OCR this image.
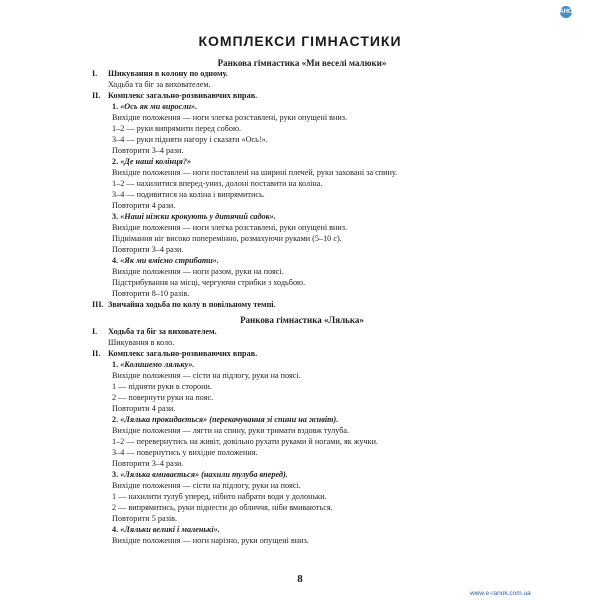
РАНОК
КОМПЛЕКСИ ГІМНАСТИКИ
Ранкова гімнастика «Ми веселі малюки»
І. Шикування в колону по одному.
Ходьба та біг за вихователем.
ІІ. Комплекс загально-розвиваючих вправ.
1. «Ось як ми виросли».
Вихідне положення — ноги злегка розставлені, руки опущені вниз.
1–2 — руки випрямити перед собою.
3–4 — руки підняти нагору і сказати «Ось!».
Повторити 3–4 рази.
2. «Де наші колінця?»
Вихідне положення — ноги поставлені на ширині плечей, руки заховані за спину.
1–2 — нахилитися вперед-униз, долоні поставити на коліна.
3–4 — подивитися на коліна і випрямитись.
Повторити 4 рази.
3. «Наші ніжки крокують у дитячий садок».
Вихідне положення — ноги злегка розставлені, руки опущені вниз.
Піднімання ніг високо поперемінно, розмахуючи руками (5–10 с).
Повторити 3–4 рази.
4. «Як ми вміємо стрибати».
Вихідне положення — ноги разом, руки на поясі.
Підстрибування на місці, чергуючи стрибки з ходьбою.
Повторити 8–10 разів.
ІІІ. Звичайна ходьба по колу в повільному темпі.
Ранкова гімнастика «Лялька»
І. Ходьба та біг за вихователем.
Шикування в коло.
ІІ. Комплекс загально-розвиваючих вправ.
1. «Колишемо ляльку».
Вихідне положення — сісти на підлогу, руки на поясі.
1 — підняти руки в сторони.
2 — повернути руки на пояс.
Повторити 4 рази.
2. «Лялька прокидається» (перекачування зі спини на живіт).
Вихідне положення — лягти на спину, руки тримати вздовж тулуба.
1–2 — перевернутись на живіт, довільно рухати руками й ногами, як жучки.
3–4 — повернутись у вихідне положення.
Повторити 3–4 рази.
3. «Лялька вмивається» (нахили тулуба вперед).
Вихідне положення — сісти на підлогу, руки на поясі.
1 — нахилити тулуб уперед, нібито набрати води у долоньки.
2 — випрямитись, руки піднести до обличчя, ніби вмиваються.
Повторити 5 разів.
4. «Ляльки великі і маленькі».
Вихідне положення — ноги нарізно, руки опущені вниз.
8
www.e-ranok.com.ua
